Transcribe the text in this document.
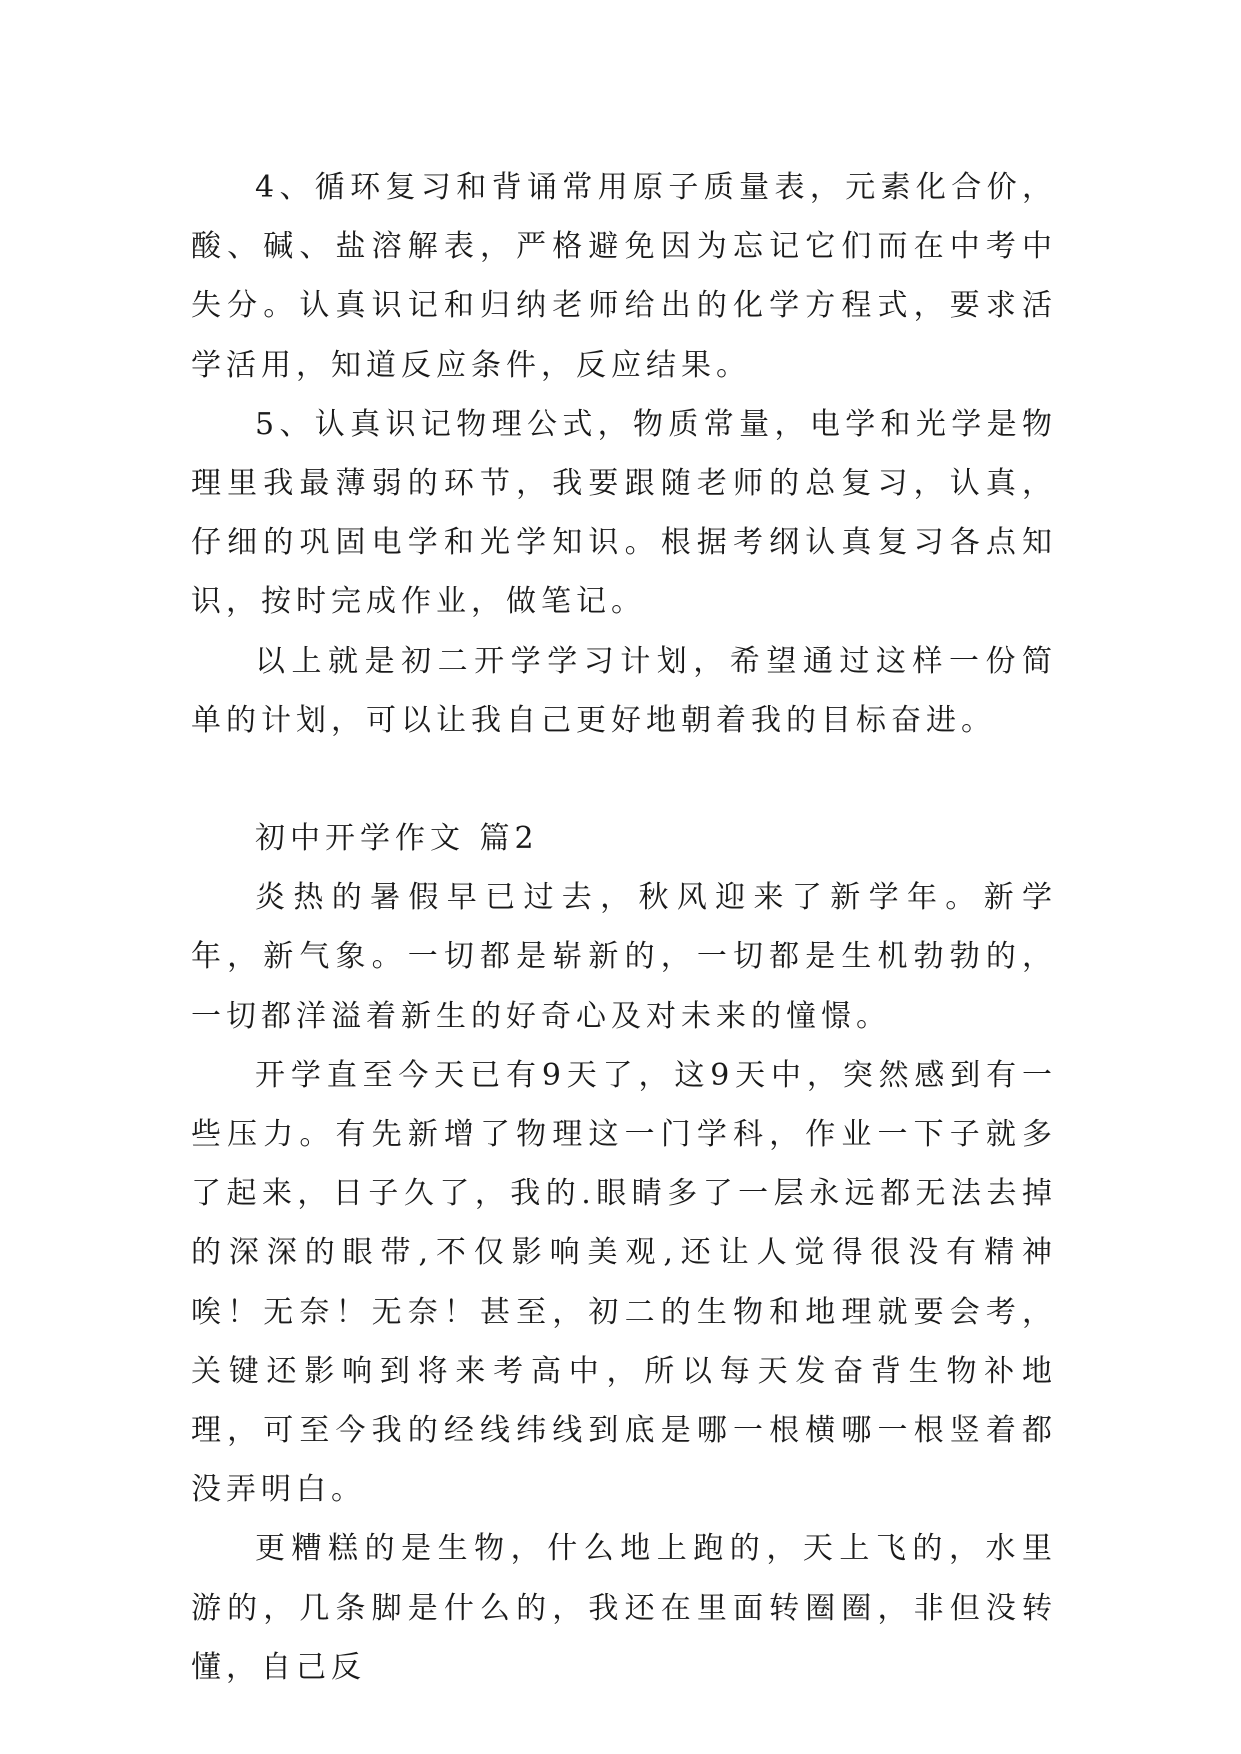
4、循环复习和背诵常用原子质量表，元素化合价，酸、碱、盐溶解表，严格避免因为忘记它们而在中考中失分。认真识记和归纳老师给出的化学方程式，要求活学活用，知道反应条件，反应结果。

5、认真识记物理公式，物质常量，电学和光学是物理里我最薄弱的环节，我要跟随老师的总复习，认真，仔细的巩固电学和光学知识。根据考纲认真复习各点知识，按时完成作业，做笔记。

以上就是初二开学学习计划，希望通过这样一份简单的计划，可以让我自己更好地朝着我的目标奋进。

初中开学作文 篇2

炎热的暑假早已过去，秋风迎来了新学年。新学年，新气象。一切都是崭新的，一切都是生机勃勃的，一切都洋溢着新生的好奇心及对未来的憧憬。

开学直至今天已有9天了，这9天中，突然感到有一些压力。有先新增了物理这一门学科，作业一下子就多了起来，日子久了，我的.眼睛多了一层永远都无法去掉的深深的眼带,不仅影响美观,还让人觉得很没有精神唉！无奈！无奈！甚至，初二的生物和地理就要会考，关键还影响到将来考高中，所以每天发奋背生物补地理，可至今我的经线纬线到底是哪一根横哪一根竖着都没弄明白。

更糟糕的是生物，什么地上跑的，天上飞的，水里游的，几条脚是什么的，我还在里面转圈圈，非但没转懂，自己反
